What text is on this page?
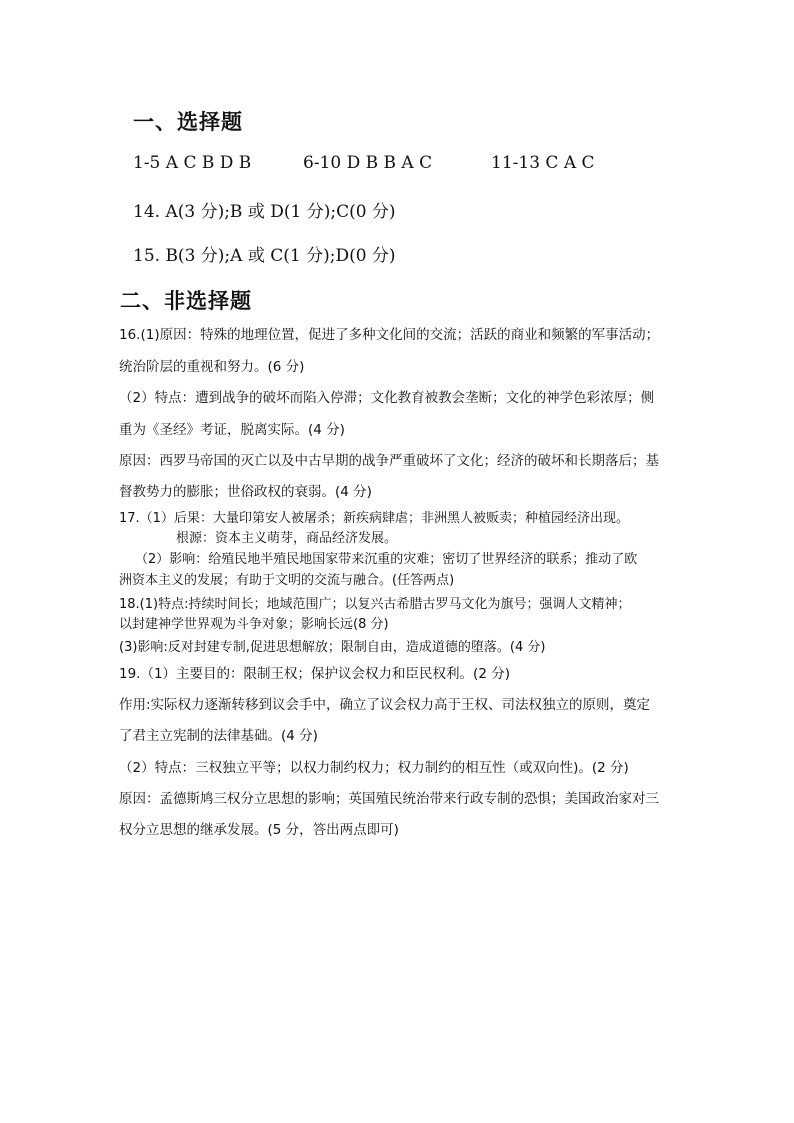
一、选择题
1-5 A C B D B	6-10 D B B A C	11-13 C A C
14. A(3 分);B 或 D(1 分);C(0 分)
15. B(3 分);A 或 C(1 分);D(0 分)
二、非选择题
16.(1)原因：特殊的地理位置，促进了多种文化间的交流；活跃的商业和频繁的军事活动；
统治阶层的重视和努力。(6 分)
（2）特点：遭到战争的破坏而陷入停滞；文化教育被教会垄断；文化的神学色彩浓厚；侧
重为《圣经》考证，脱离实际。(4 分)
原因：西罗马帝国的灭亡以及中古早期的战争严重破坏了文化；经济的破坏和长期落后；基
督教势力的膨胀；世俗政权的衰弱。(4 分)
17.（1）后果：大量印第安人被屠杀；新疾病肆虐；非洲黑人被贩卖；种植园经济出现。
根源：资本主义萌芽，商品经济发展。
（2）影响：给殖民地半殖民地国家带来沉重的灾难；密切了世界经济的联系；推动了欧
洲资本主义的发展；有助于文明的交流与融合。(任答两点)
18.(1)特点:持续时间长；地域范围广；以复兴古希腊古罗马文化为旗号；强调人文精神；
以封建神学世界观为斗争对象；影响长远(8 分)
(3)影响:反对封建专制,促进思想解放；限制自由，造成道德的堕落。(4 分)
19.（1）主要目的：限制王权；保护议会权力和臣民权利。(2 分)
作用:实际权力逐渐转移到议会手中，确立了议会权力高于王权、司法权独立的原则，奠定
了君主立宪制的法律基础。(4 分)
（2）特点：三权独立平等；以权力制约权力；权力制约的相互性（或双向性)。(2 分)
原因：孟德斯鸠三权分立思想的影响；英国殖民统治带来行政专制的恐惧；美国政治家对三
权分立思想的继承发展。(5 分，答出两点即可)
